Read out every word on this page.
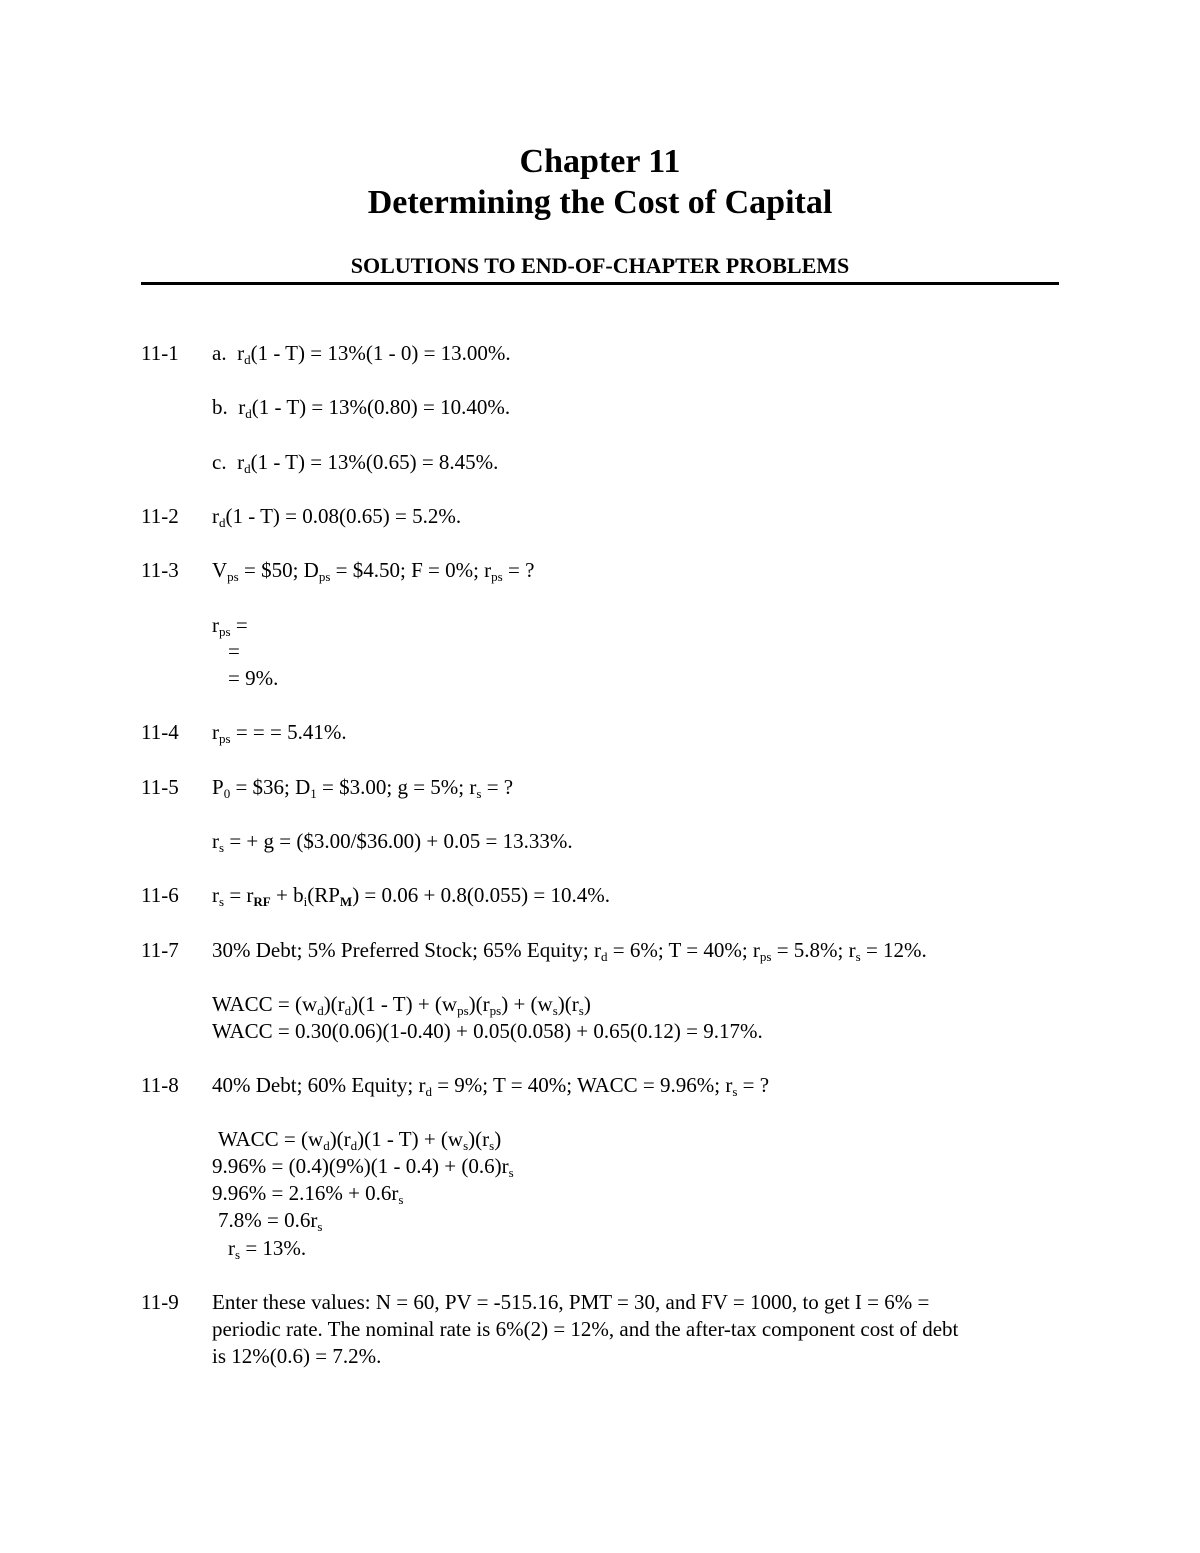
Chapter 11
Determining the Cost of Capital
SOLUTIONS TO END-OF-CHAPTER PROBLEMS
11-1 a. $r_d(1 - T) = 13\%(1 - 0) = 13.00\%$.
b. $r_d(1 - T) = 13\%(0.80) = 10.40\%$.
c. $r_d(1 - T) = 13\%(0.65) = 8.45\%$.
11-2 $r_d(1 - T) = 0.08(0.65) = 5.2\%$.
11-3 $V_{ps}$ = $50; $D_{ps}$ = $4.50; F = 0%; $r_{ps}$ = ?
$r_{ps}$ =
=
= 9%.
11-4 $r_{ps}$ = = = 5.41%.
11-5 $P_0$ = $36; $D_1$ = $3.00; g = 5%; $r_s$ = ?
$r_s$ = + g = ($3.00/$36.00) + 0.05 = 13.33%.
11-6 $r_s = r_{RF} + b_i(RP_M) = 0.06 + 0.8(0.055) = 10.4\%$.
11-7 30% Debt; 5% Preferred Stock; 65% Equity; $r_d = 6\%$; T = 40%; $r_{ps} = 5.8\%$; $r_s = 12\%$.
WACC = $(w_d)(r_d)(1 - T) + (w_{ps})(r_{ps}) + (w_s)(r_s)$
WACC = 0.30(0.06)(1-0.40) + 0.05(0.058) + 0.65(0.12) = 9.17%.
11-8 40% Debt; 60% Equity; $r_d = 9\%$; T = 40%; WACC = 9.96%; $r_s$ = ?
WACC = $(w_d)(r_d)(1 - T) + (w_s)(r_s)$
$9.96\% = (0.4)(9\%)(1 - 0.4) + (0.6)r_s$
$9.96\% = 2.16\% + 0.6r_s$
$7.8\% = 0.6r_s$
$r_s = 13\%$.
11-9 Enter these values: N = 60, PV = -515.16, PMT = 30, and FV = 1000, to get I = 6% =
periodic rate. The nominal rate is 6%(2) = 12%, and the after-tax component cost of debt
is 12%(0.6) = 7.2%.
